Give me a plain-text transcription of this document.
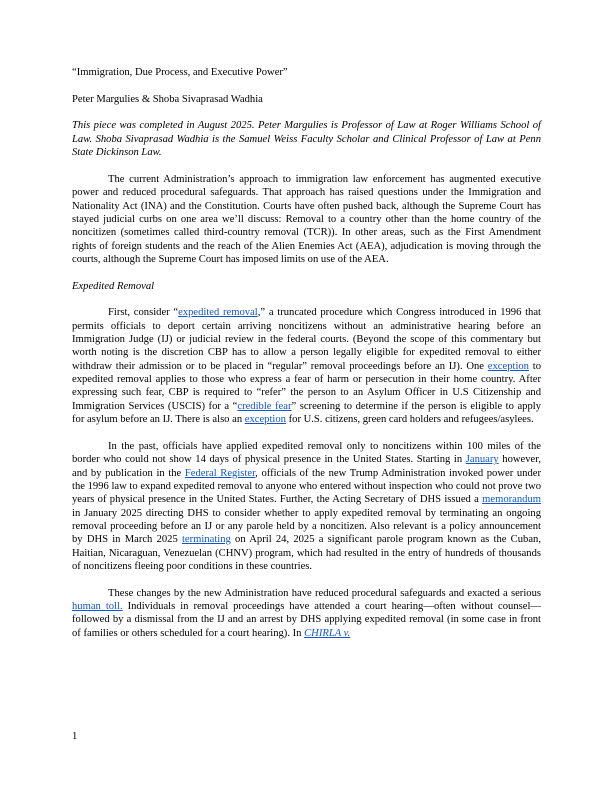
“Immigration, Due Process, and Executive Power”

Peter Margulies & Shoba Sivaprasad Wadhia

This piece was completed in August 2025. Peter Margulies is Professor of Law at Roger Williams School of Law. Shoba Sivaprasad Wadhia is the Samuel Weiss Faculty Scholar and Clinical Professor of Law at Penn State Dickinson Law.

The current Administration’s approach to immigration law enforcement has augmented executive power and reduced procedural safeguards. That approach has raised questions under the Immigration and Nationality Act (INA) and the Constitution. Courts have often pushed back, although the Supreme Court has stayed judicial curbs on one area we’ll discuss: Removal to a country other than the home country of the noncitizen (sometimes called third-country removal (TCR)). In other areas, such as the First Amendment rights of foreign students and the reach of the Alien Enemies Act (AEA), adjudication is moving through the courts, although the Supreme Court has imposed limits on use of the AEA.

Expedited Removal

First, consider “expedited removal,” a truncated procedure which Congress introduced in 1996 that permits officials to deport certain arriving noncitizens without an administrative hearing before an Immigration Judge (IJ) or judicial review in the federal courts. (Beyond the scope of this commentary but worth noting is the discretion CBP has to allow a person legally eligible for expedited removal to either withdraw their admission or to be placed in “regular” removal proceedings before an IJ). One exception to expedited removal applies to those who express a fear of harm or persecution in their home country. After expressing such fear, CBP is required to “refer” the person to an Asylum Officer in U.S Citizenship and Immigration Services (USCIS) for a “credible fear” screening to determine if the person is eligible to apply for asylum before an IJ. There is also an exception for U.S. citizens, green card holders and refugees/asylees.

In the past, officials have applied expedited removal only to noncitizens within 100 miles of the border who could not show 14 days of physical presence in the United States. Starting in January however, and by publication in the Federal Register, officials of the new Trump Administration invoked power under the 1996 law to expand expedited removal to anyone who entered without inspection who could not prove two years of physical presence in the United States. Further, the Acting Secretary of DHS issued a memorandum in January 2025 directing DHS to consider whether to apply expedited removal by terminating an ongoing removal proceeding before an IJ or any parole held by a noncitizen. Also relevant is a policy announcement by DHS in March 2025 terminating on April 24, 2025 a significant parole program known as the Cuban, Haitian, Nicaraguan, Venezuelan (CHNV) program, which had resulted in the entry of hundreds of thousands of noncitizens fleeing poor conditions in these countries.

These changes by the new Administration have reduced procedural safeguards and exacted a serious human toll. Individuals in removal proceedings have attended a court hearing—often without counsel—followed by a dismissal from the IJ and an arrest by DHS applying expedited removal (in some case in front of families or others scheduled for a court hearing). In CHIRLA v.

1
